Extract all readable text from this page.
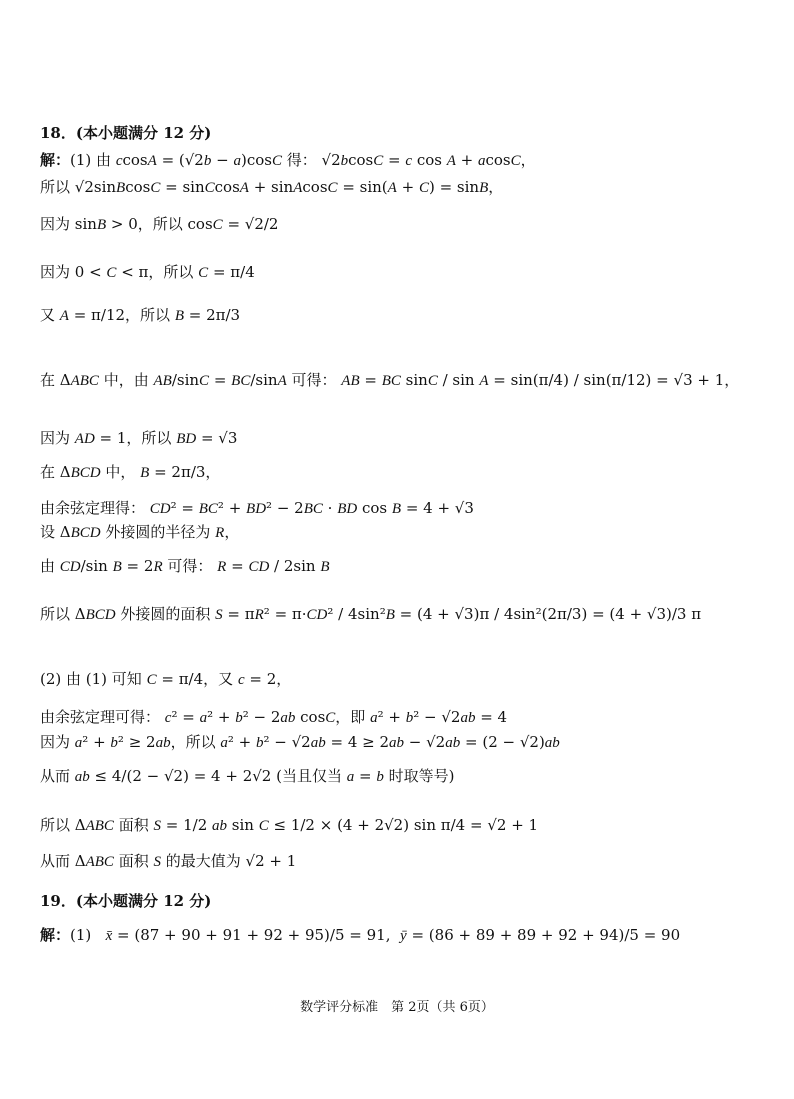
18．(本小题满分 12 分)
解：(1) 由 ccosA = (√2b − a)cosC 得： √2bcosC = c cos A + acosC，
所以 √2sinBcosC = sinCcosA + sinAcosC = sin(A + C) = sinB，
因为 sinB > 0，所以 cosC = √2/2
因为 0 < C < π，所以 C = π/4
又 A = π/12，所以 B = 2π/3
在 ΔABC 中，由 AB/sinC = BC/sinA 可得： AB = BC sinC / sin A = sin(π/4) / sin(π/12) = √3 + 1，
因为 AD = 1，所以 BD = √3
在 ΔBCD 中， B = 2π/3，
由余弦定理得： CD² = BC² + BD² − 2BC · BD cos B = 4 + √3
设 ΔBCD 外接圆的半径为 R，
由 CD/sin B = 2R 可得： R = CD / 2sin B
所以 ΔBCD 外接圆的面积 S = πR² = π·CD² / 4sin²B = (4 + √3)π / 4sin²(2π/3) = (4 + √3)/3 π
(2) 由 (1) 可知 C = π/4，又 c = 2，
由余弦定理可得： c² = a² + b² − 2ab cosC，即 a² + b² − √2ab = 4
因为 a² + b² ≥ 2ab，所以 a² + b² − √2ab = 4 ≥ 2ab − √2ab = (2 − √2)ab
从而 ab ≤ 4/(2 − √2) = 4 + 2√2 (当且仅当 a = b 时取等号)
所以 ΔABC 面积 S = 1/2 ab sin C ≤ 1/2 × (4 + 2√2) sin π/4 = √2 + 1
从而 ΔABC 面积 S 的最大值为 √2 + 1
19．(本小题满分 12 分)
解：(1)   x̄ = (87 + 90 + 91 + 92 + 95)/5 = 91,  ȳ = (86 + 89 + 89 + 92 + 94)/5 = 90
数学评分标准　第 2页（共 6页）
